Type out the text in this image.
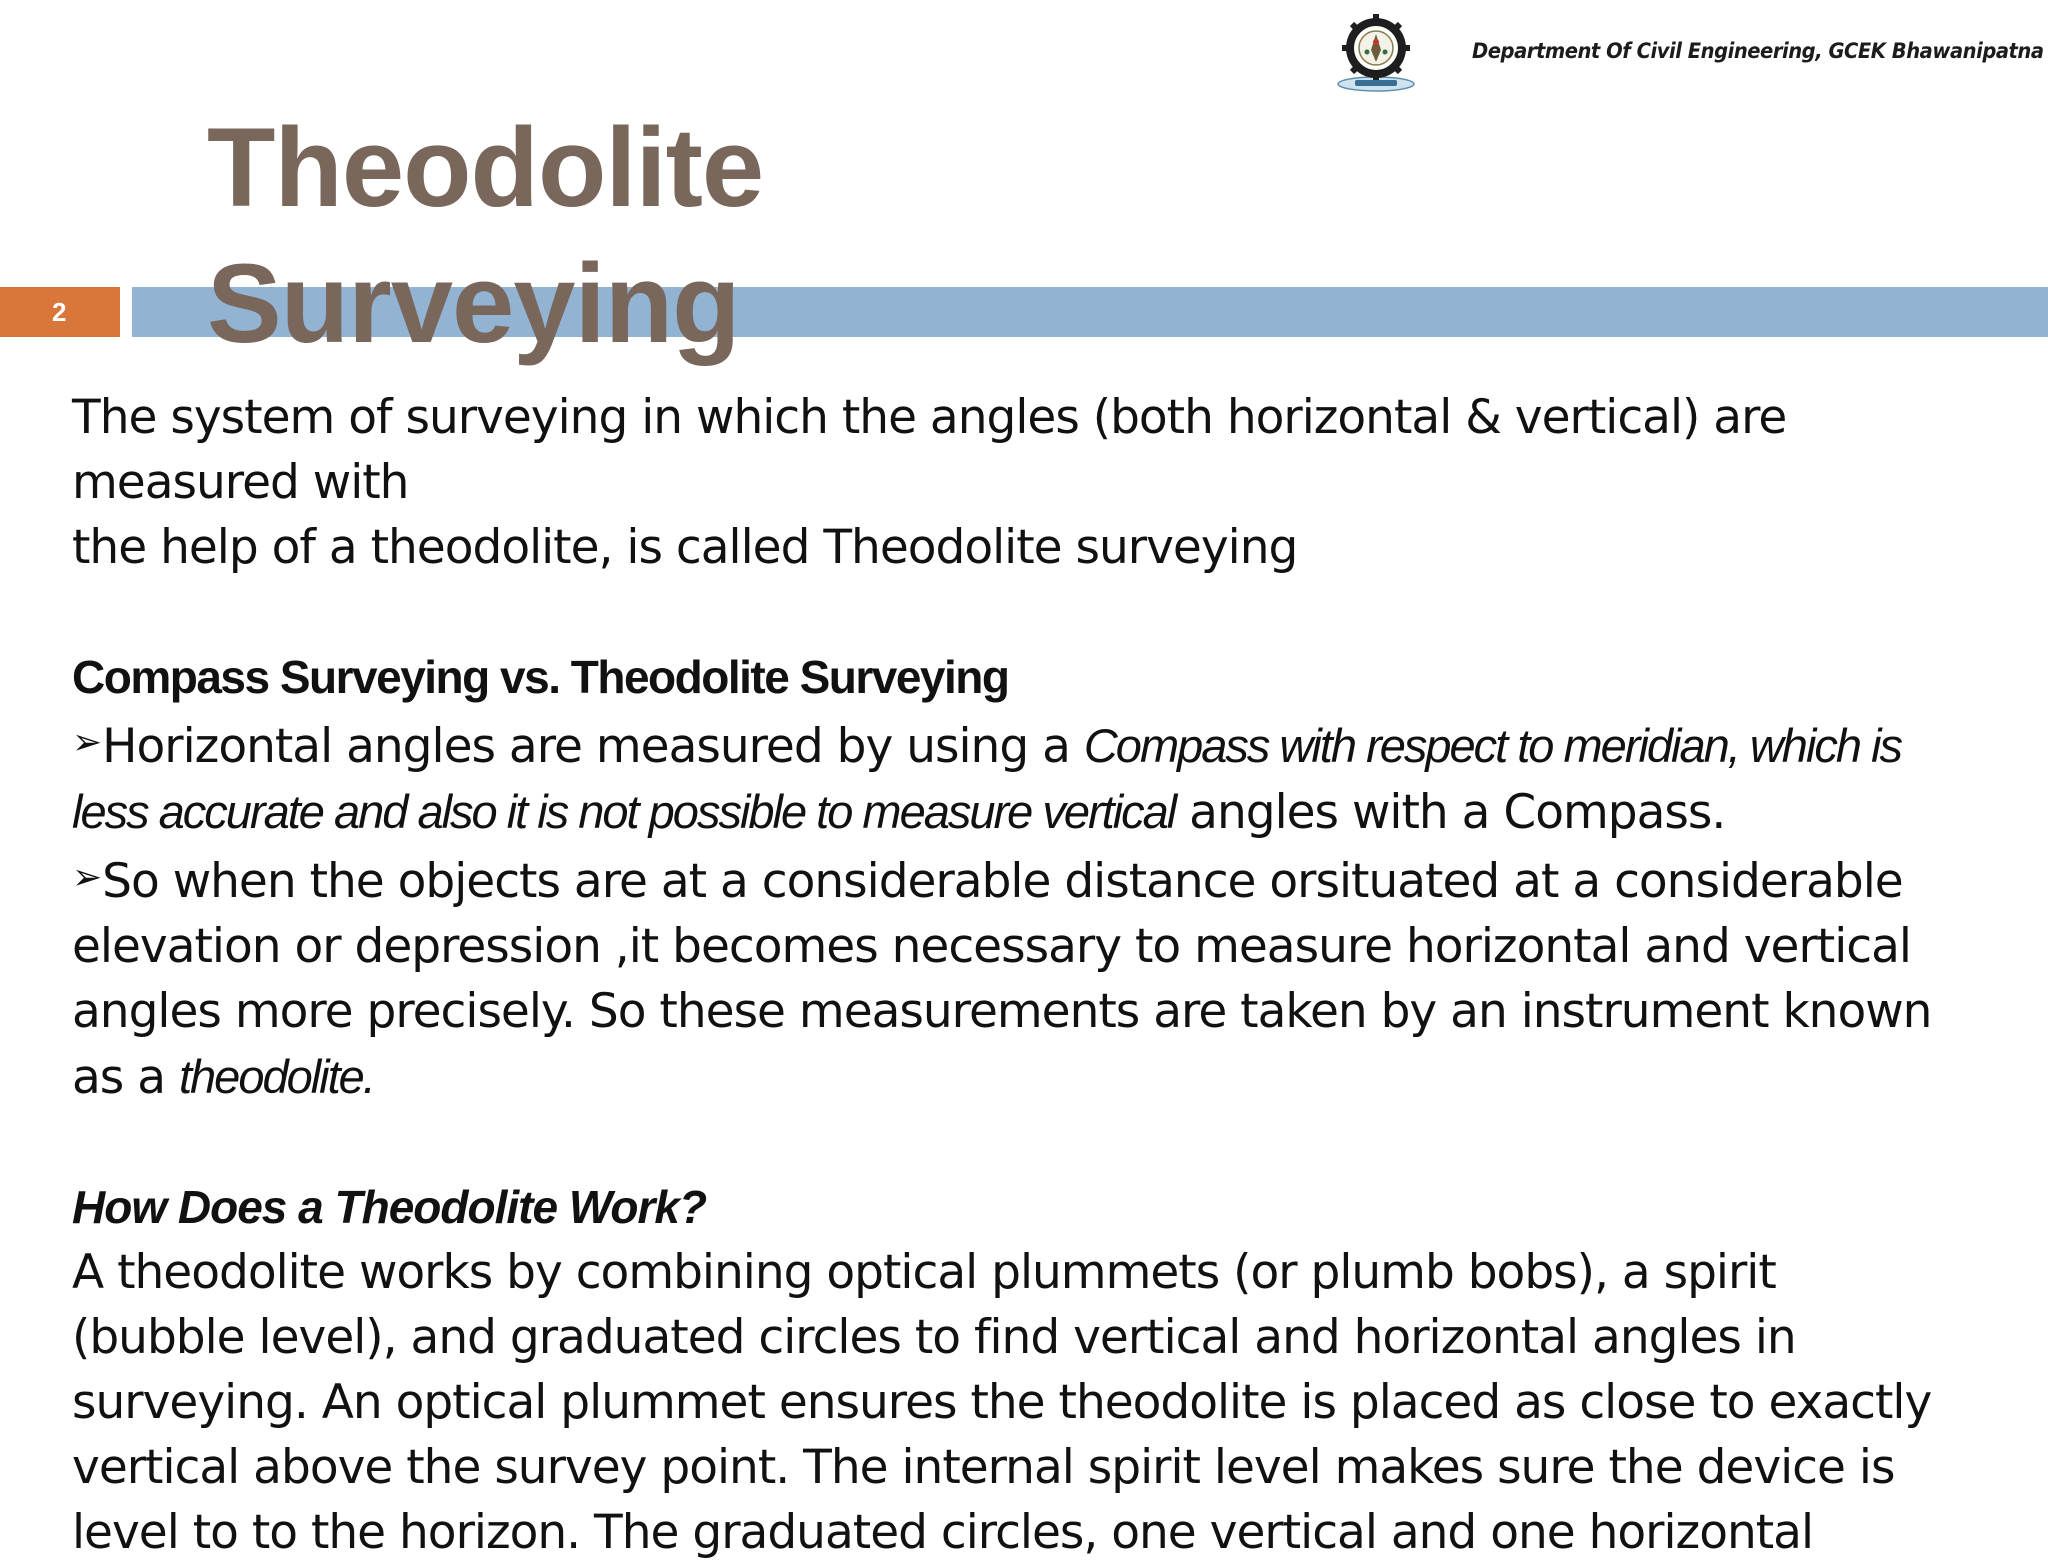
Department Of Civil Engineering, GCEK Bhawanipatna
2
Theodolite
Surveying

The system of surveying in which the angles (both horizontal & vertical) are

measured with

the help of a theodolite, is called Theodolite surveying

Compass Surveying vs. Theodolite Surveying

➢Horizontal angles are measured by using a Compass with respect to meridian, which is

less accurate and also it is not possible to measure vertical angles with a Compass.

➢So when the objects are at a considerable distance orsituated at a considerable

elevation or depression ,it becomes necessary to measure horizontal and vertical

angles more precisely. So these measurements are taken by an instrument known

as a theodolite.

How Does a Theodolite Work?

A theodolite works by combining optical plummets (or plumb bobs), a spirit

(bubble level), and graduated circles to find vertical and horizontal angles in

surveying. An optical plummet ensures the theodolite is placed as close to exactly

vertical above the survey point. The internal spirit level makes sure the device is

level to to the horizon. The graduated circles, one vertical and one horizontal
